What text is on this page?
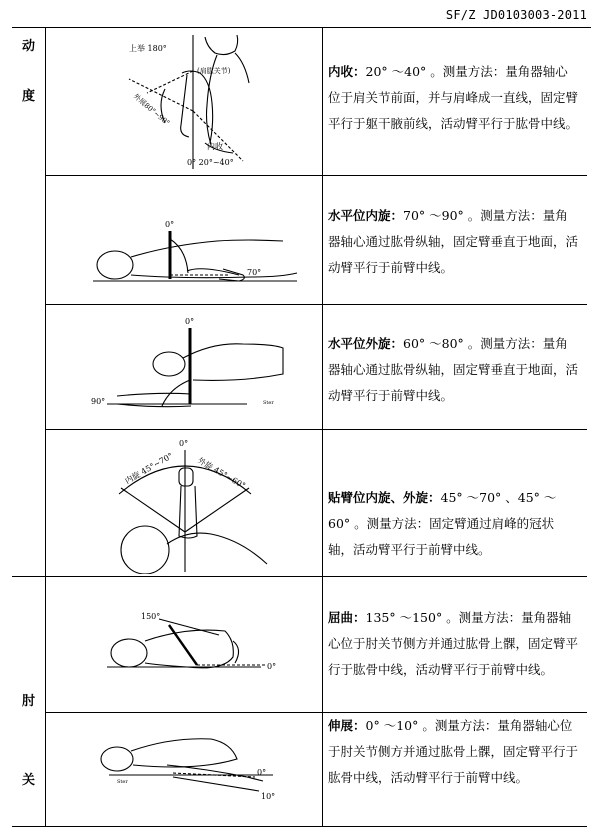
SF/Z JD0103003-2011
动
度
肘
关
上举 180°
(肩肱关节)
外展80°~90°
内收
0° 20°~40°
内收：20° ～40° 。测量方法：量角器轴心位于肩关节前面，并与肩峰成一直线，固定臂平行于躯干腋前线，活动臂平行于肱骨中线。
0°
70°
水平位内旋：70° ～90° 。测量方法：量角器轴心通过肱骨纵轴，固定臂垂直于地面，活动臂平行于前臂中线。
Ster
0°
90°
水平位外旋：60° ～80° 。测量方法：量角器轴心通过肱骨纵轴，固定臂垂直于地面，活动臂平行于前臂中线。
0°
内旋 45°~70°	外旋 45°~60°
贴臂位内旋、外旋：45° ～70° 、45° ～60° 。测量方法：固定臂通过肩峰的冠状轴，活动臂平行于前臂中线。
150°
0°
屈曲：135° ～150° 。测量方法：量角器轴心位于肘关节侧方并通过肱骨上髁，固定臂平行于肱骨中线，活动臂平行于前臂中线。
Ster
0°
10°
伸展：0° ～10° 。测量方法：量角器轴心位于肘关节侧方并通过肱骨上髁，固定臂平行于肱骨中线，活动臂平行于前臂中线。
